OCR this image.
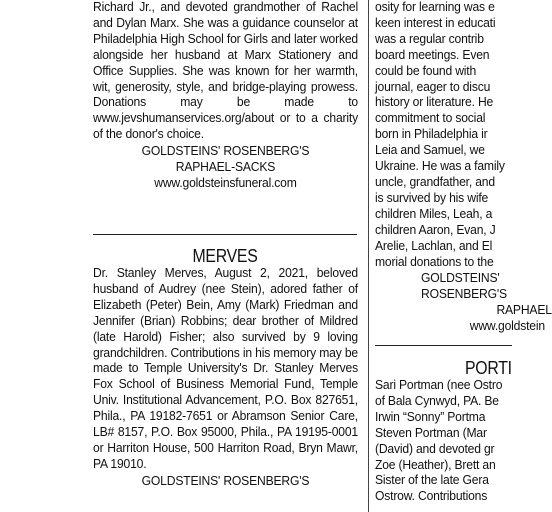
Richard Jr., and devoted grandmother of Rachel and Dylan Marx. She was a guidance counselor at Philadelphia High School for Girls and later worked alongside her husband at Marx Stationery and Office Supplies. She was known for her warmth, wit, generosity, style, and bridge-playing prowess. Donations may be made to www.jevshumanservices.org/about or to a charity of the donor's choice.

GOLDSTEINS' ROSENBERG'S
RAPHAEL-SACKS
www.goldsteinsfuneral.com
MERVES

Dr. Stanley Merves, August 2, 2021, beloved husband of Audrey (nee Stein), adored father of Elizabeth (Peter) Bein, Amy (Mark) Friedman and Jennifer (Brian) Robbins; dear brother of Mildred (late Harold) Fisher; also survived by 9 loving grandchildren. Contributions in his memory may be made to Temple University's Dr. Stanley Merves Fox School of Business Memorial Fund, Temple Univ. Institutional Advancement, P.O. Box 827651, Phila., PA 19182-7651 or Abramson Senior Care, LB# 8157, P.O. Box 95000, Phila., PA 19195-0001 or Harriton House, 500 Harriton Road, Bryn Mawr, PA 19010.

GOLDSTEINS' ROSENBERG'S
osity for learning was e
keen interest in educati
was a regular contrib
board meetings. Even
could be found with
journal, eager to discu
history or literature. He
commitment to social
born in Philadelphia ir
Leia and Samuel, we
Ukraine. He was a family
uncle, grandfather, and
is survived by his wife
children Miles, Leah, a
children Aaron, Evan, J
Arelie, Lachlan, and El
morial donations to the
GOLDSTEINS' ROSENBERG'S
RAPHAEL
www.goldstein
PORTI
Sari Portman (nee Ostro
of Bala Cynwyd, PA. Be
Irwin “Sonny” Portma
Steven Portman (Mar
(David) and devoted gr
Zoe (Heather), Brett an
Sister of the late Gera
Ostrow. Contributions
